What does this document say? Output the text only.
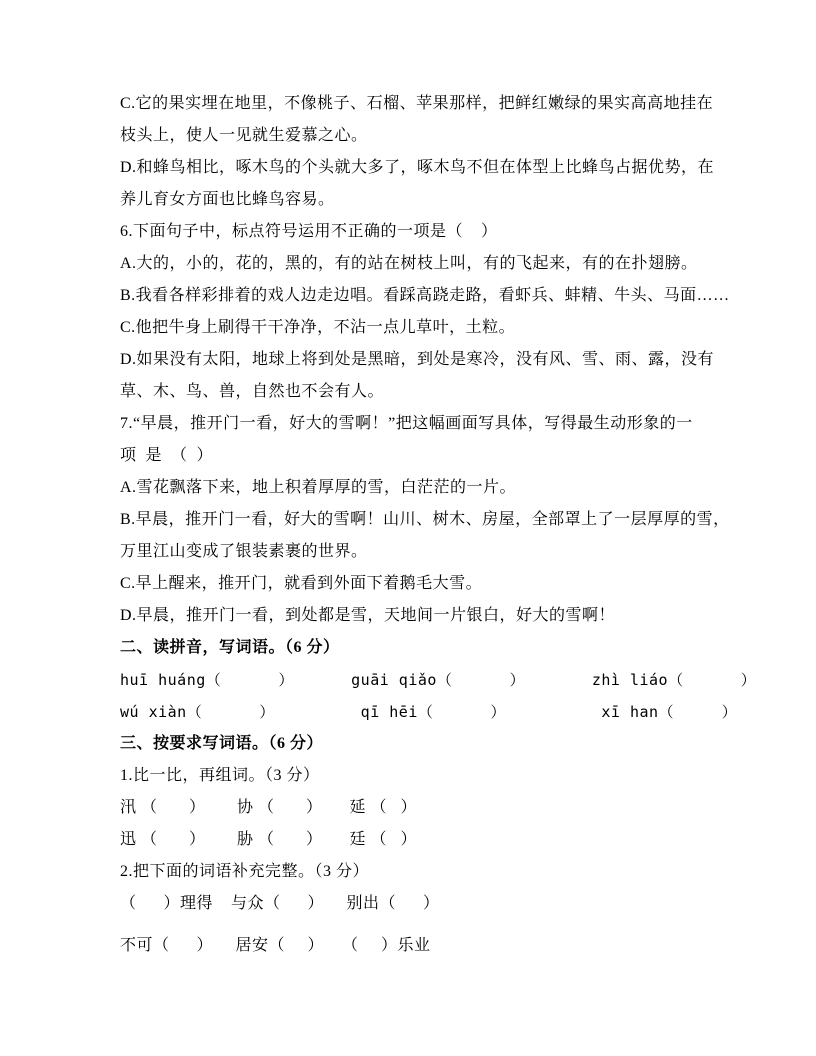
C.它的果实埋在地里，不像桃子、石榴、苹果那样，把鲜红嫩绿的果实高高地挂在
枝头上，使人一见就生爱慕之心。
D.和蜂鸟相比，啄木鸟的个头就大多了，啄木鸟不但在体型上比蜂鸟占据优势，在
养儿育女方面也比蜂鸟容易。
6.下面句子中，标点符号运用不正确的一项是（    ）
A.大的，小的，花的，黑的，有的站在树枝上叫，有的飞起来，有的在扑翅膀。
B.我看各样彩排着的戏人边走边唱。看踩高跷走路，看虾兵、蚌精、牛头、马面……
C.他把牛身上刷得干干净净，不沾一点儿草叶，土粒。
D.如果没有太阳，地球上将到处是黑暗，到处是寒冷，没有风、雪、雨、露，没有
草、木、鸟、兽，自然也不会有人。
7.“早晨，推开门一看，好大的雪啊！”把这幅画面写具体，写得最生动形象的一
项  是  （  ）
A.雪花飘落下来，地上积着厚厚的雪，白茫茫的一片。
B.早晨，推开门一看，好大的雪啊！山川、树木、房屋，全部罩上了一层厚厚的雪，
万里江山变成了银装素裹的世界。
C.早上醒来，推开门，就看到外面下着鹅毛大雪。
D.早晨，推开门一看，到处都是雪，天地间一片银白，好大的雪啊！
二、读拼音，写词语。（6 分）
huī huáng（      ）      guāi qiǎo（      ）       zhì liáo（      ）
wú xiàn（      ）         qī hēi（      ）          xī han（     ）
三、按要求写词语。（6 分）
1.比一比，再组词。（3 分）
汛 （       ）       协 （       ）      延 （   ）
迅 （       ）       胁 （       ）      廷 （   ）
2.把下面的词语补充完整。（3 分）
（      ）理得    与众（      ）     别出（      ）
不可（      ）     居安（     ）    （     ）乐业
